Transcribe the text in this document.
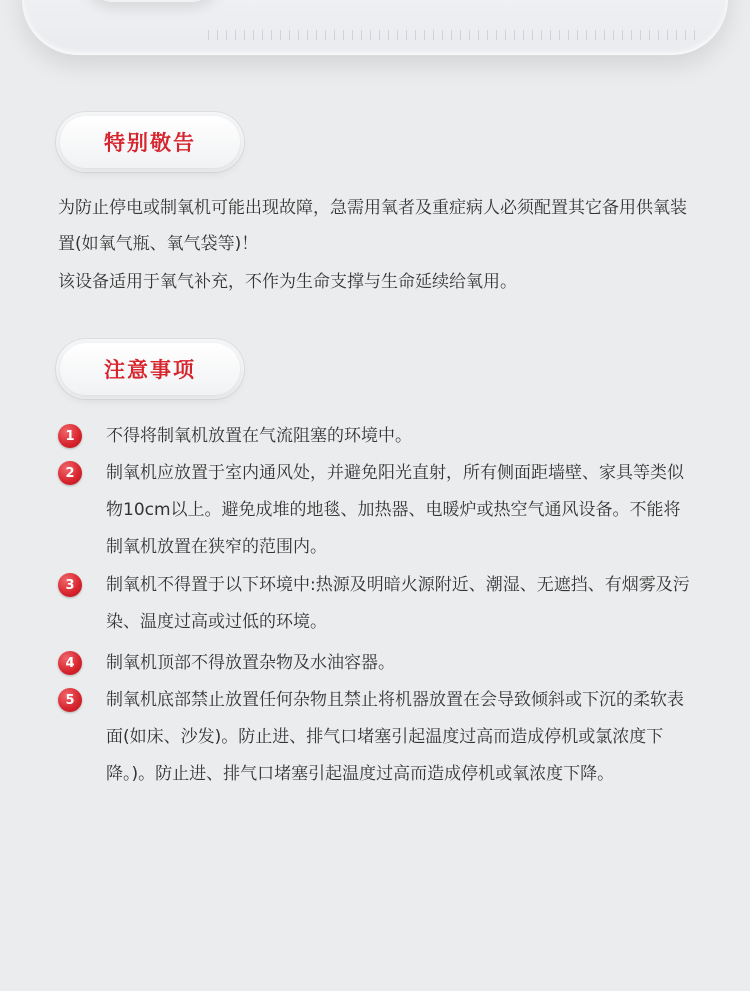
特别敬告

为防止停电或制氧机可能出现故障，急需用氧者及重症病人必须配置其它备用供氧装置(如氧气瓶、氧气袋等)！

该设备适用于氧气补充，不作为生命支撑与生命延续给氧用。

注意事项
1	不得将制氧机放置在气流阻塞的环境中。

2	制氧机应放置于室内通风处，并避免阳光直射，所有侧面距墙壁、家具等类似物10cm以上。避免成堆的地毯、加热器、电暖炉或热空气通风设备。不能将制氧机放置在狭窄的范围内。

3	制氧机不得置于以下环境中:热源及明暗火源附近、潮湿、无遮挡、有烟雾及污染、温度过高或过低的环境。

4	制氧机顶部不得放置杂物及水油容器。

5	制氧机底部禁止放置任何杂物且禁止将机器放置在会导致倾斜或下沉的柔软表面(如床、沙发)。防止进、排气口堵塞引起温度过高而造成停机或氯浓度下降。)。防止进、排气口堵塞引起温度过高而造成停机或氧浓度下降。
